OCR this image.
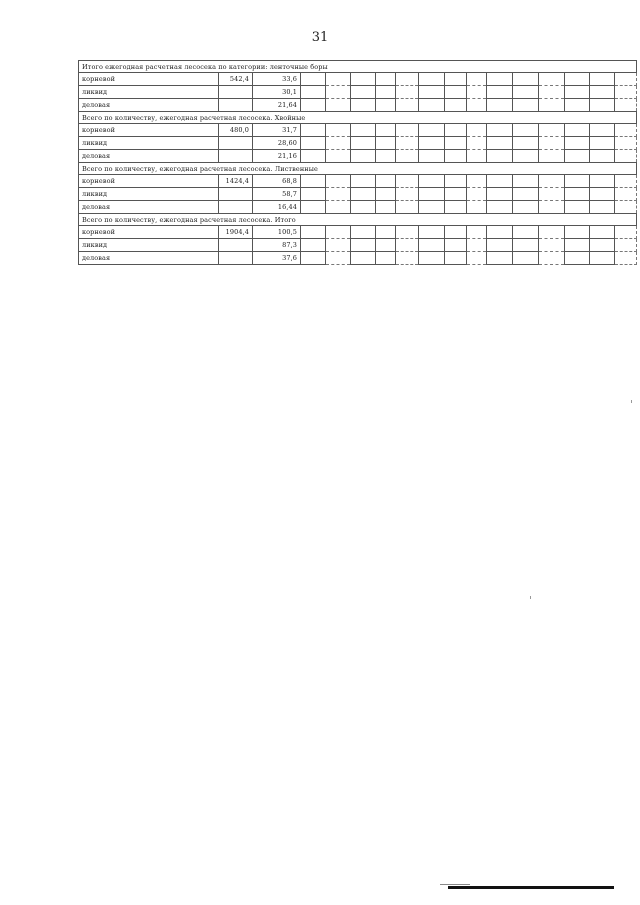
31
Итого ежегодная расчетная лесосека по категории: ленточные боры																
корневой	542,4	33,6														
ликвид		30,1														
деловая		21,64														
Всего по количеству, ежегодная расчетная лесосека. Хвойные																
корневой	480,0	31,7														
ликвид		28,60														
деловая		21,16														
Всего по количеству, ежегодная расчетная лесосека. Лиственные																
корневой	1424,4	68,8														
ликвид		58,7														
деловая		16,44														
Всего по количеству, ежегодная расчетная лесосека. Итого																
корневой	1904,4	100,5														
ликвид		87,3														
деловая		37,6														
